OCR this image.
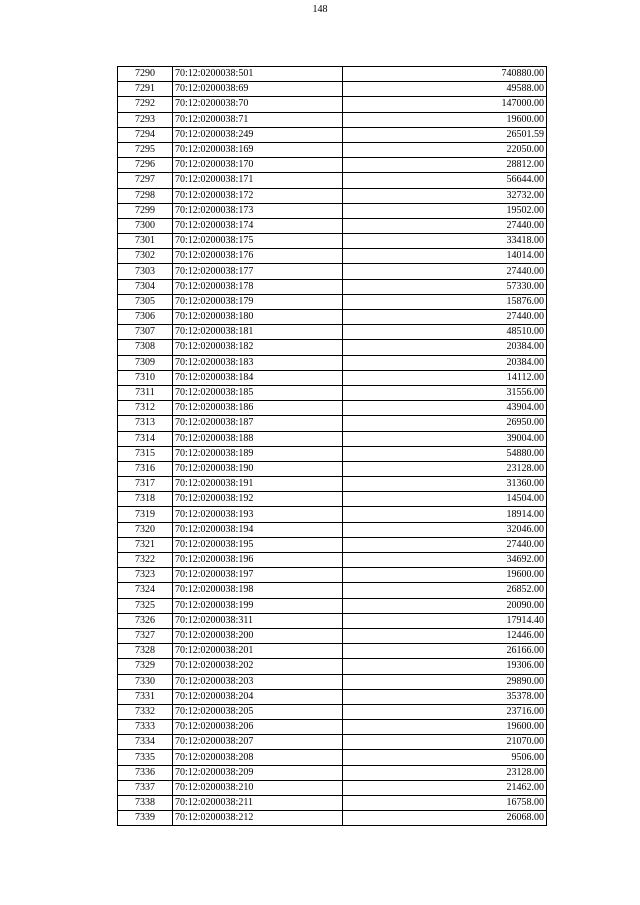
148
7290	70:12:0200038:501	740880.00
7291	70:12:0200038:69	49588.00
7292	70:12:0200038:70	147000.00
7293	70:12:0200038:71	19600.00
7294	70:12:0200038:249	26501.59
7295	70:12:0200038:169	22050.00
7296	70:12:0200038:170	28812.00
7297	70:12:0200038:171	56644.00
7298	70:12:0200038:172	32732.00
7299	70:12:0200038:173	19502.00
7300	70:12:0200038:174	27440.00
7301	70:12:0200038:175	33418.00
7302	70:12:0200038:176	14014.00
7303	70:12:0200038:177	27440.00
7304	70:12:0200038:178	57330.00
7305	70:12:0200038:179	15876.00
7306	70:12:0200038:180	27440.00
7307	70:12:0200038:181	48510.00
7308	70:12:0200038:182	20384.00
7309	70:12:0200038:183	20384.00
7310	70:12:0200038:184	14112.00
7311	70:12:0200038:185	31556.00
7312	70:12:0200038:186	43904.00
7313	70:12:0200038:187	26950.00
7314	70:12:0200038:188	39004.00
7315	70:12:0200038:189	54880.00
7316	70:12:0200038:190	23128.00
7317	70:12:0200038:191	31360.00
7318	70:12:0200038:192	14504.00
7319	70:12:0200038:193	18914.00
7320	70:12:0200038:194	32046.00
7321	70:12:0200038:195	27440.00
7322	70:12:0200038:196	34692.00
7323	70:12:0200038:197	19600.00
7324	70:12:0200038:198	26852.00
7325	70:12:0200038:199	20090.00
7326	70:12:0200038:311	17914.40
7327	70:12:0200038:200	12446.00
7328	70:12:0200038:201	26166.00
7329	70:12:0200038:202	19306.00
7330	70:12:0200038:203	29890.00
7331	70:12:0200038:204	35378.00
7332	70:12:0200038:205	23716.00
7333	70:12:0200038:206	19600.00
7334	70:12:0200038:207	21070.00
7335	70:12:0200038:208	9506.00
7336	70:12:0200038:209	23128.00
7337	70:12:0200038:210	21462.00
7338	70:12:0200038:211	16758.00
7339	70:12:0200038:212	26068.00
